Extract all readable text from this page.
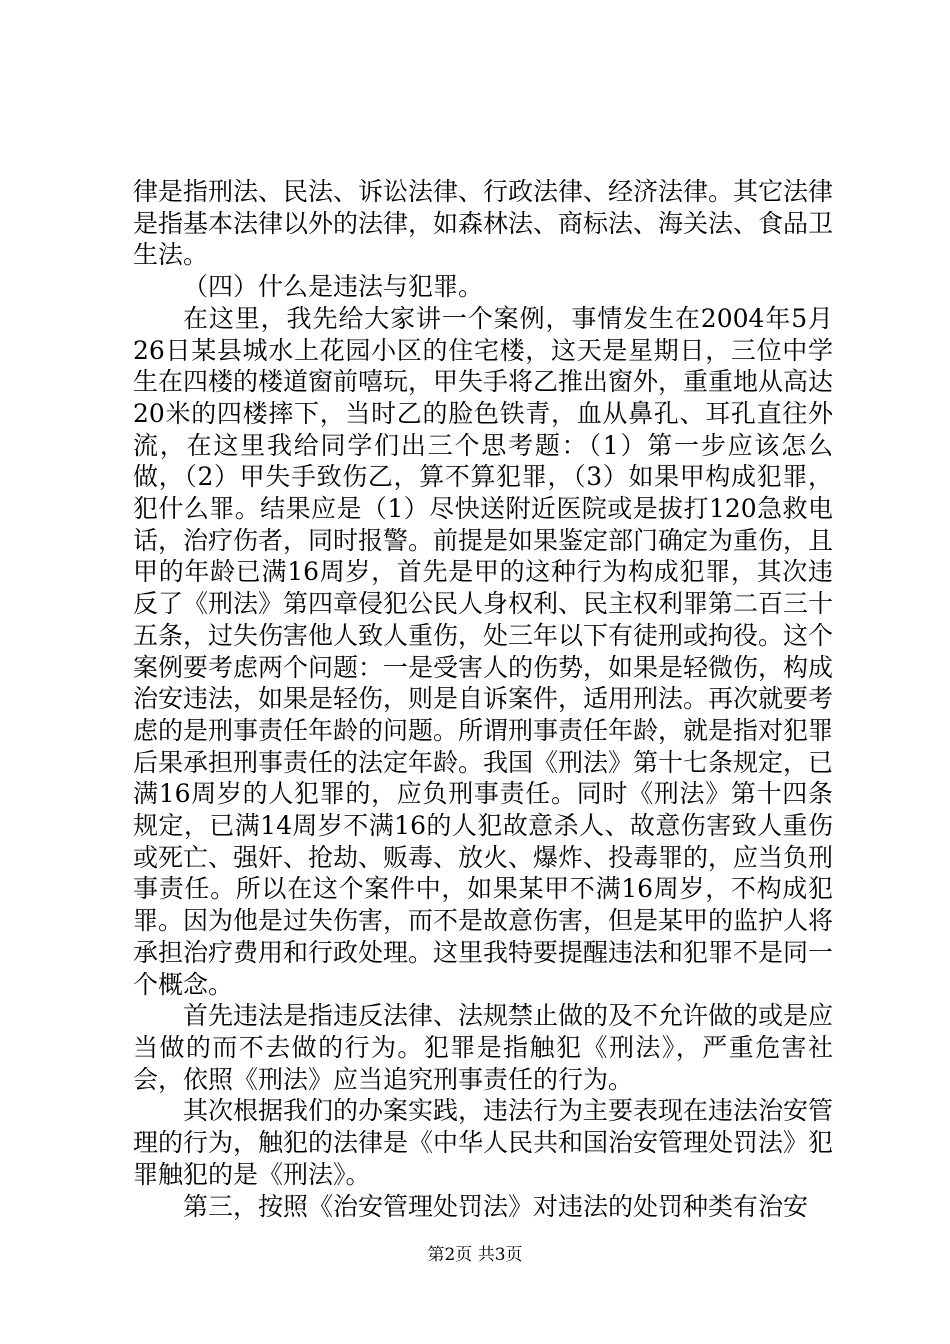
律是指刑法、民法、诉讼法律、行政法律、经济法律。其它法律是指基本法律以外的法律，如森林法、商标法、海关法、食品卫生法。

（四）什么是违法与犯罪。

在这里，我先给大家讲一个案例，事情发生在2004年5月26日某县城水上花园小区的住宅楼，这天是星期日，三位中学生在四楼的楼道窗前嘻玩，甲失手将乙推出窗外，重重地从高达20米的四楼摔下，当时乙的脸色铁青，血从鼻孔、耳孔直往外流，在这里我给同学们出三个思考题：（1）第一步应该怎么做，（2）甲失手致伤乙，算不算犯罪，（3）如果甲构成犯罪，犯什么罪。结果应是（1）尽快送附近医院或是拔打120急救电话，治疗伤者，同时报警。前提是如果鉴定部门确定为重伤，且甲的年龄已满16周岁，首先是甲的这种行为构成犯罪，其次违反了《刑法》第四章侵犯公民人身权利、民主权利罪第二百三十五条，过失伤害他人致人重伤，处三年以下有徒刑或拘役。这个案例要考虑两个问题：一是受害人的伤势，如果是轻微伤，构成治安违法，如果是轻伤，则是自诉案件，适用刑法。再次就要考虑的是刑事责任年龄的问题。所谓刑事责任年龄，就是指对犯罪后果承担刑事责任的法定年龄。我国《刑法》第十七条规定，已满16周岁的人犯罪的，应负刑事责任。同时《刑法》第十四条规定，已满14周岁不满16的人犯故意杀人、故意伤害致人重伤或死亡、强奸、抢劫、贩毒、放火、爆炸、投毒罪的，应当负刑事责任。所以在这个案件中，如果某甲不满16周岁，不构成犯罪。因为他是过失伤害，而不是故意伤害，但是某甲的监护人将承担治疗费用和行政处理。这里我特要提醒违法和犯罪不是同一个概念。

首先违法是指违反法律、法规禁止做的及不允许做的或是应当做的而不去做的行为。犯罪是指触犯《刑法》，严重危害社会，依照《刑法》应当追究刑事责任的行为。

其次根据我们的办案实践，违法行为主要表现在违法治安管理的行为，触犯的法律是《中华人民共和国治安管理处罚法》犯罪触犯的是《刑法》。

第三，按照《治安管理处罚法》对违法的处罚种类有治安

第2页 共3页
